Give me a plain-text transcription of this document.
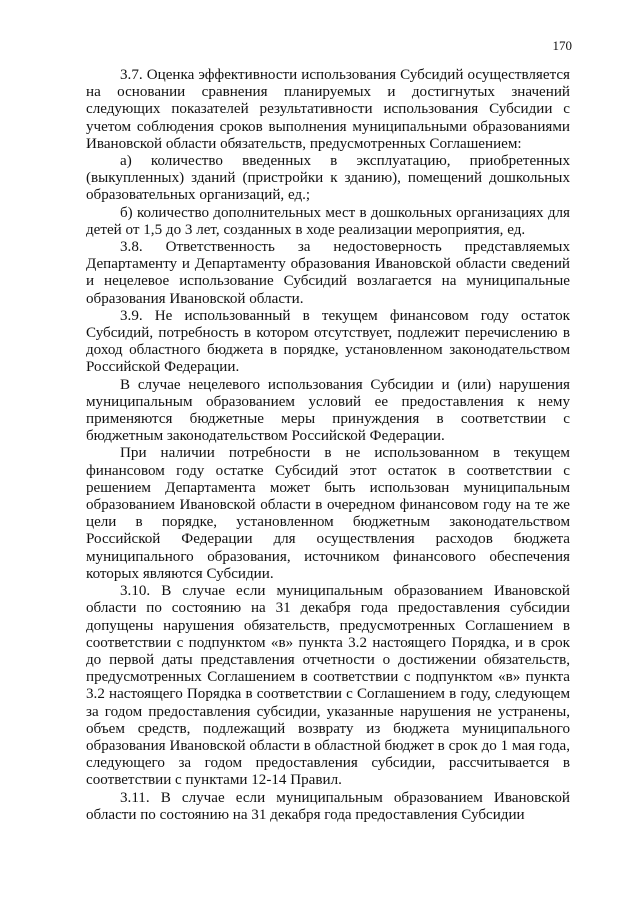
170

3.7. Оценка эффективности использования Субсидий осуществляется на основании сравнения планируемых и достигнутых значений следующих показателей результативности использования Субсидии с учетом соблюдения сроков выполнения муниципальными образованиями Ивановской области обязательств, предусмотренных Соглашением:

а) количество введенных в эксплуатацию, приобретенных (выкупленных) зданий (пристройки к зданию), помещений дошкольных образовательных организаций, ед.;

б) количество дополнительных мест в дошкольных организациях для детей от 1,5 до 3 лет, созданных в ходе реализации мероприятия, ед.

3.8. Ответственность за недостоверность представляемых Департаменту и Департаменту образования Ивановской области сведений и нецелевое использование Субсидий возлагается на муниципальные образования Ивановской области.

3.9. Не использованный в текущем финансовом году остаток Субсидий, потребность в котором отсутствует, подлежит перечислению в доход областного бюджета в порядке, установленном законодательством Российской Федерации.

В случае нецелевого использования Субсидии и (или) нарушения муниципальным образованием условий ее предоставления к нему применяются бюджетные меры принуждения в соответствии с бюджетным законодательством Российской Федерации.

При наличии потребности в не использованном в текущем финансовом году остатке Субсидий этот остаток в соответствии с решением Департамента может быть использован муниципальным образованием Ивановской области в очередном финансовом году на те же цели в порядке, установленном бюджетным законодательством Российской Федерации для осуществления расходов бюджета муниципального образования, источником финансового обеспечения которых являются Субсидии.

3.10. В случае если муниципальным образованием Ивановской области по состоянию на 31 декабря года предоставления субсидии допущены нарушения обязательств, предусмотренных Соглашением в соответствии с подпунктом «в» пункта 3.2 настоящего Порядка, и в срок до первой даты представления отчетности о достижении обязательств, предусмотренных Соглашением в соответствии с подпунктом «в» пункта 3.2 настоящего Порядка в соответствии с Соглашением в году, следующем за годом предоставления субсидии, указанные нарушения не устранены, объем средств, подлежащий возврату из бюджета муниципального образования Ивановской области в областной бюджет в срок до 1 мая года, следующего за годом предоставления субсидии, рассчитывается в соответствии с пунктами 12-14 Правил.

3.11. В случае если муниципальным образованием Ивановской области по состоянию на 31 декабря года предоставления Субсидии
